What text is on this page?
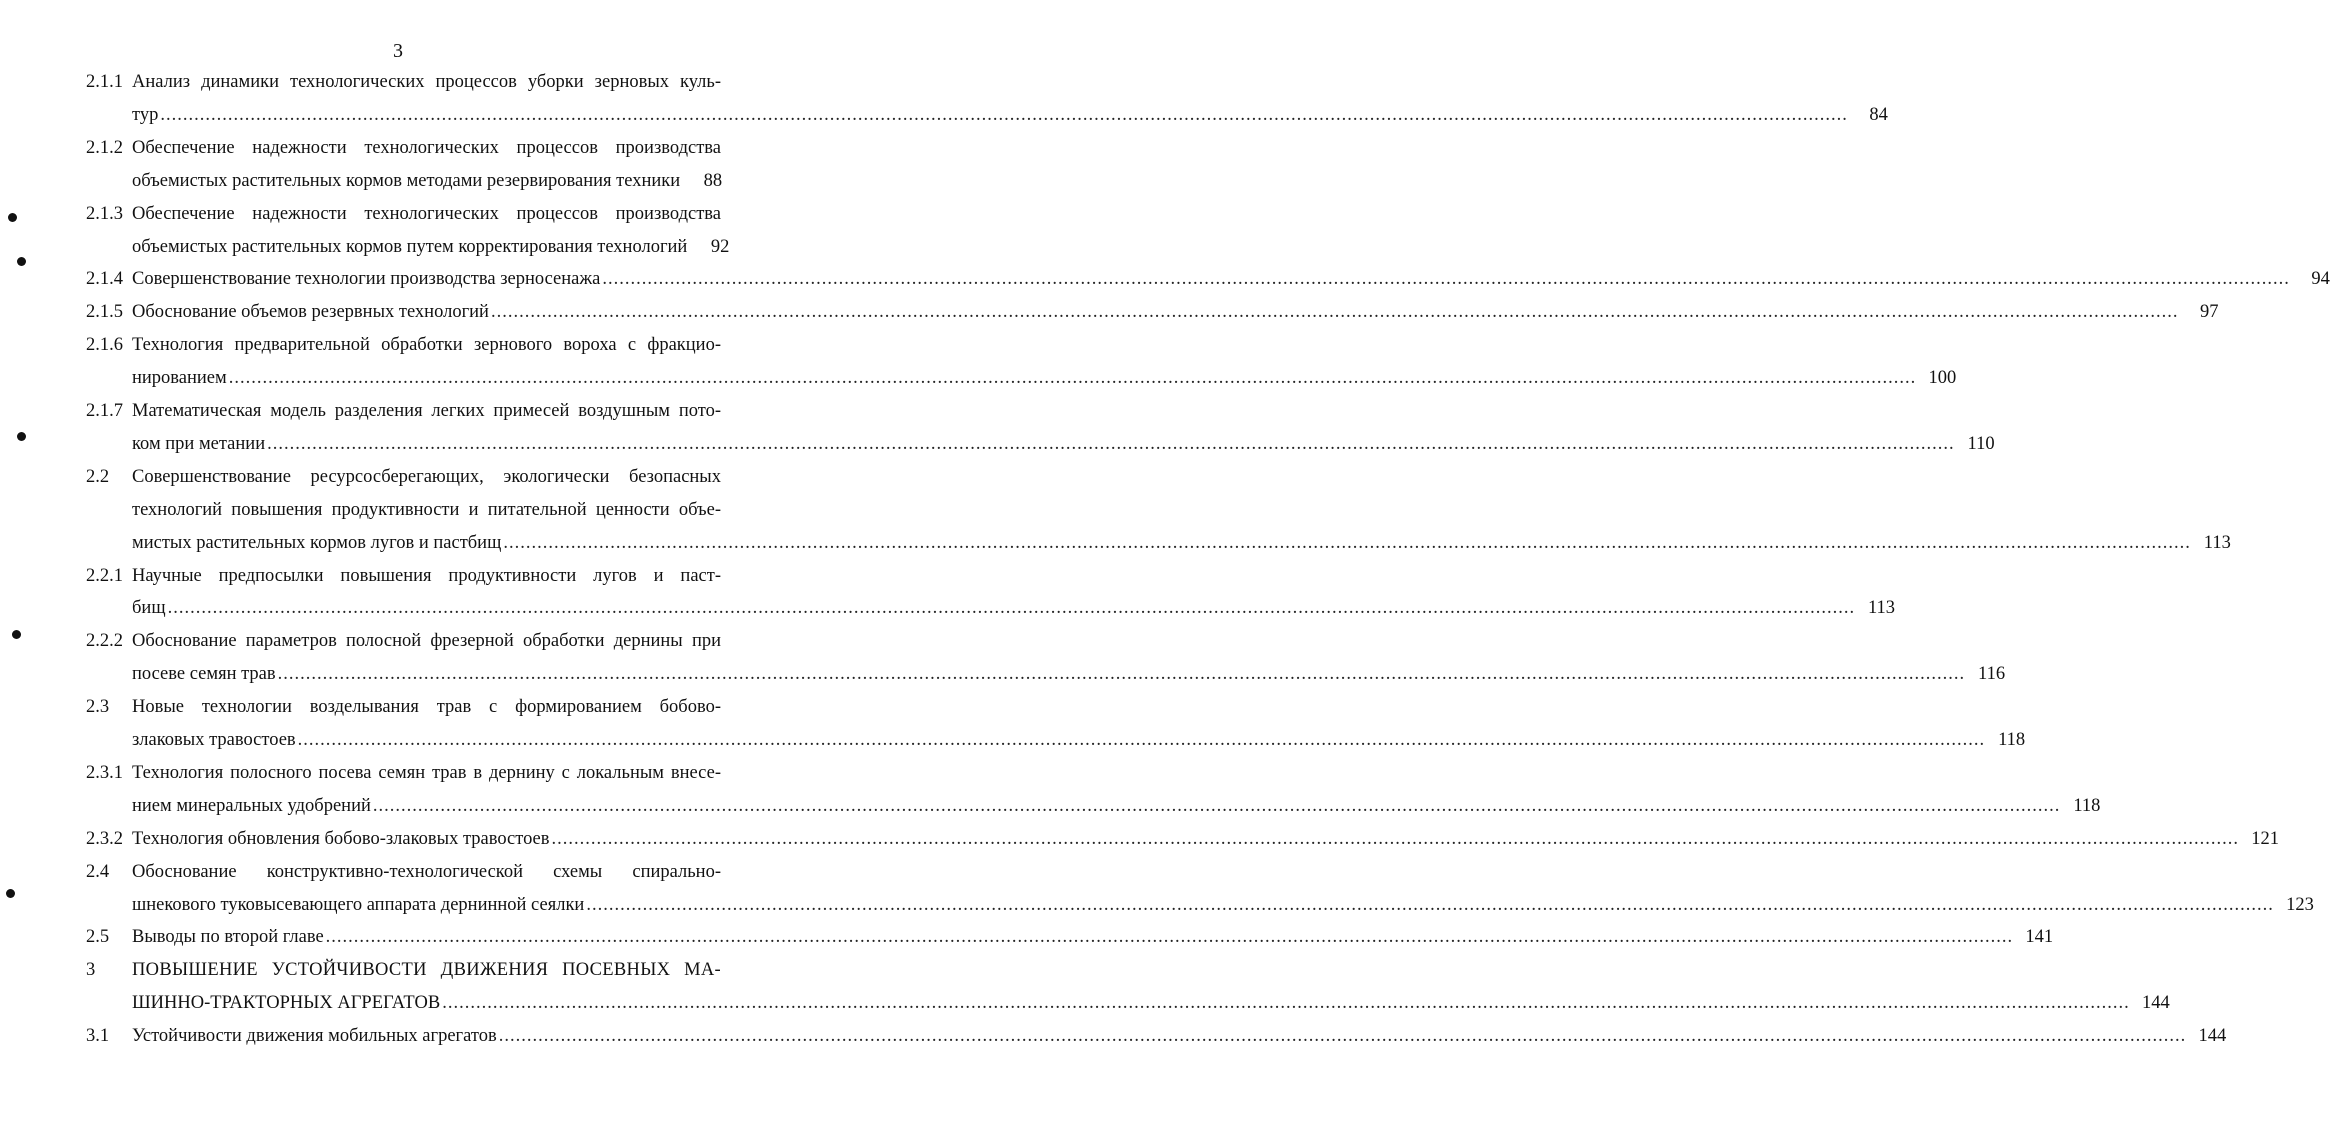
3
2.1.1 Анализ динамики технологических процессов уборки зерновых куль-
тур ............................................................................................................................................................................................................................................................................................................	84
2.1.2 Обеспечение надежности технологических процессов производства
объемистых растительных кормов методами резервирования техники	88
2.1.3 Обеспечение надежности технологических процессов производства
объемистых растительных кормов путем корректирования технологий	92
2.1.4 Совершенствование технологии производства зерносенажа ............................................................................................................................................................................................................................................................................................................	94
2.1.5 Обоснование объемов резервных технологий ............................................................................................................................................................................................................................................................................................................	97
2.1.6 Технология предварительной обработки зернового вороха с фракцио-
нированием ............................................................................................................................................................................................................................................................................................................ 100
2.1.7 Математическая модель разделения легких примесей воздушным пото-
ком при метании ............................................................................................................................................................................................................................................................................................................ 110
2.2	Совершенствование ресурсосберегающих, экологически безопасных
технологий повышения продуктивности и питательной ценности объе-
мистых растительных кормов лугов и пастбищ ............................................................................................................................................................................................................................................................................................................ 113
2.2.1 Научные предпосылки повышения продуктивности лугов и паст-
бищ ............................................................................................................................................................................................................................................................................................................ 113
2.2.2 Обоснование параметров полосной фрезерной обработки дернины при
посеве семян трав ............................................................................................................................................................................................................................................................................................................ 116
2.3	Новые технологии возделывания трав с формированием бобово-
злаковых травостоев ............................................................................................................................................................................................................................................................................................................ 118
2.3.1 Технология полосного посева семян трав в дернину с локальным внесе-
нием минеральных удобрений ............................................................................................................................................................................................................................................................................................................ 118
2.3.2 Технология обновления бобово-злаковых травостоев ............................................................................................................................................................................................................................................................................................................ 121
2.4	Обоснование конструктивно-технологической схемы спирально-
шнекового туковысевающего аппарата дернинной сеялки ............................................................................................................................................................................................................................................................................................................ 123
2.5	Выводы по второй главе ............................................................................................................................................................................................................................................................................................................ 141
3	ПОВЫШЕНИЕ УСТОЙЧИВОСТИ ДВИЖЕНИЯ ПОСЕВНЫХ МА-
ШИННО-ТРАКТОРНЫХ АГРЕГАТОВ ............................................................................................................................................................................................................................................................................................................ 144
3.1	Устойчивости движения мобильных агрегатов ............................................................................................................................................................................................................................................................................................................ 144
